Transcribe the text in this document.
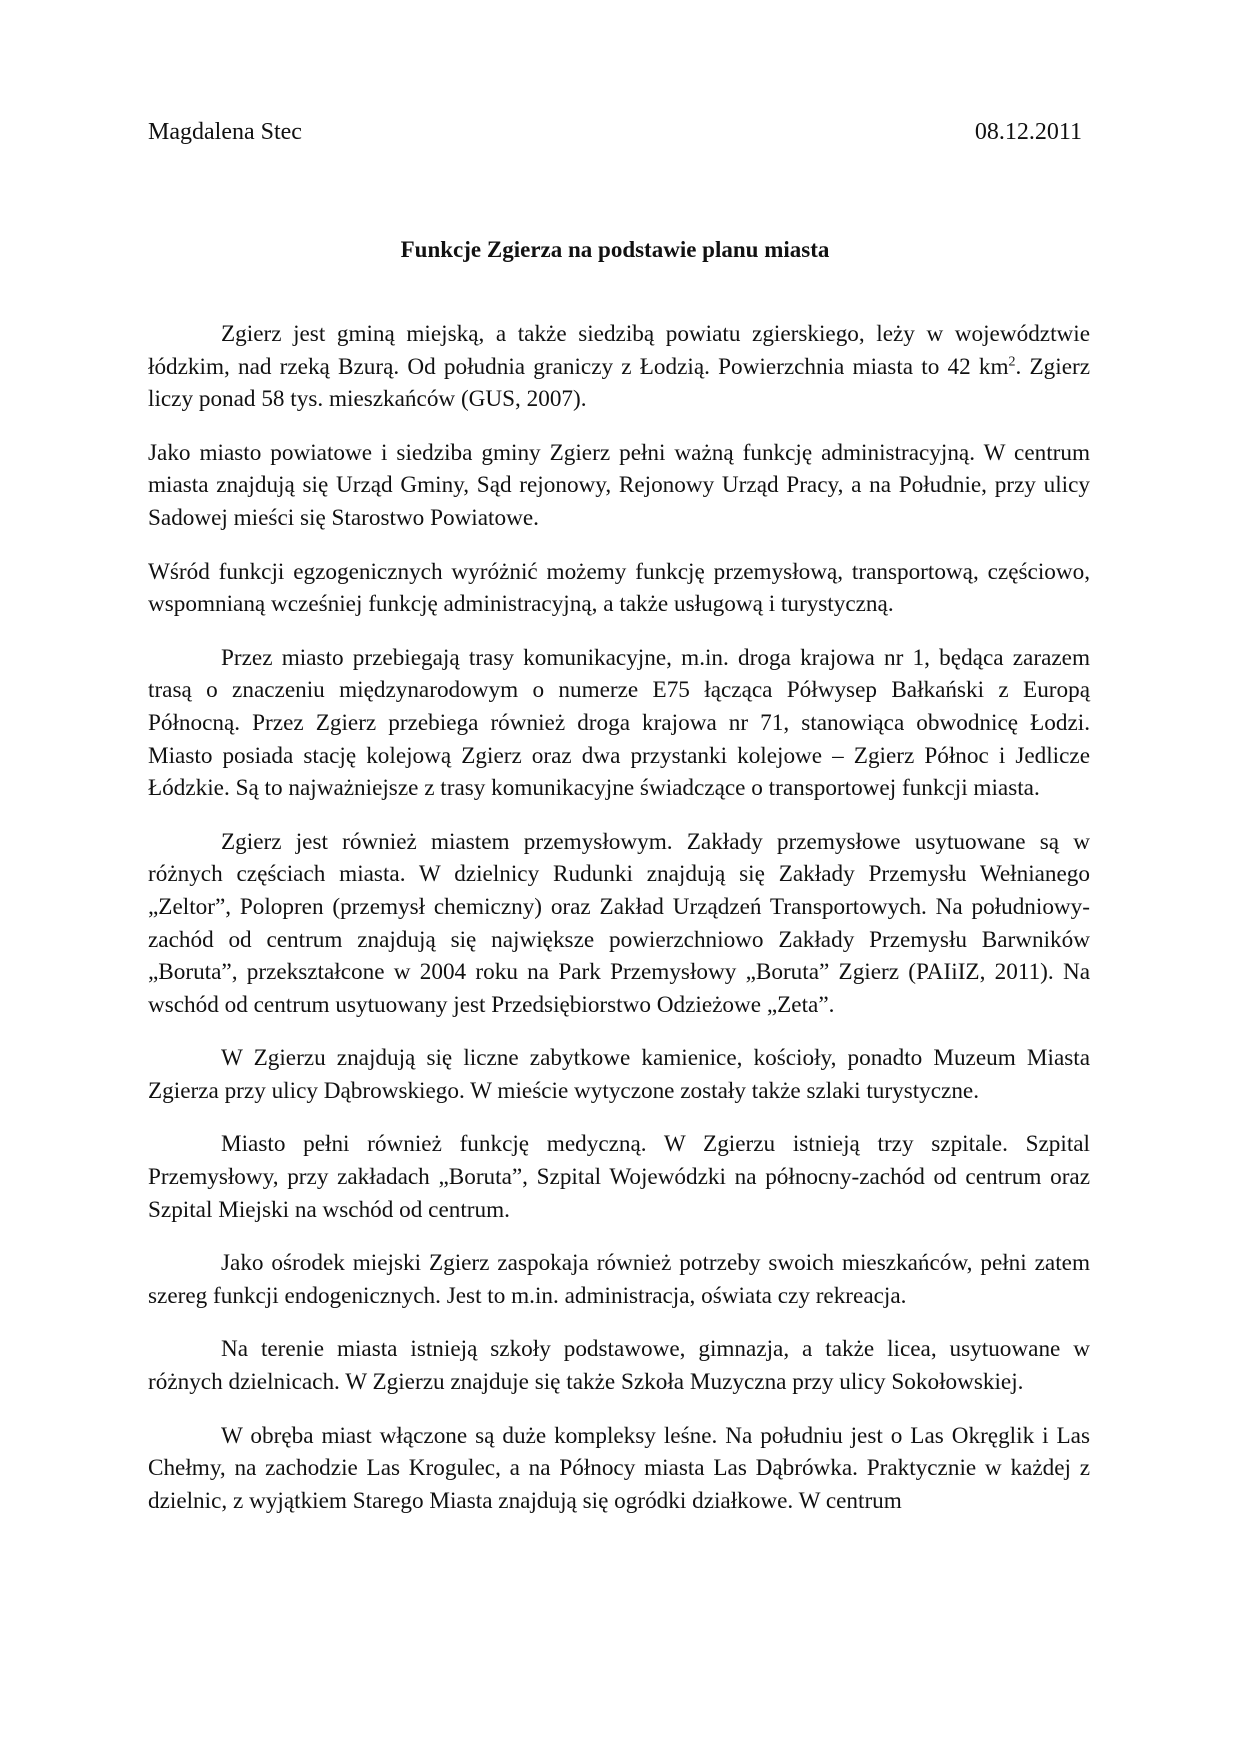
Magdalena Stec	08.12.2011
Funkcje Zgierza na podstawie planu miasta

Zgierz jest gminą miejską, a także siedzibą powiatu zgierskiego, leży w województwie łódzkim, nad rzeką Bzurą. Od południa graniczy z Łodzią. Powierzchnia miasta to 42 $km^2$. Zgierz liczy ponad 58 tys. mieszkańców (GUS, 2007).

Jako miasto powiatowe i siedziba gminy Zgierz pełni ważną funkcję administracyjną. W centrum miasta znajdują się Urząd Gminy, Sąd rejonowy, Rejonowy Urząd Pracy, a na Południe, przy ulicy Sadowej mieści się Starostwo Powiatowe.

Wśród funkcji egzogenicznych wyróżnić możemy funkcję przemysłową, transportową, częściowo, wspomnianą wcześniej funkcję administracyjną, a także usługową i turystyczną.

Przez miasto przebiegają trasy komunikacyjne, m.in. droga krajowa nr 1, będąca zarazem trasą o znaczeniu międzynarodowym o numerze E75 łącząca Półwysep Bałkański z Europą Północną. Przez Zgierz przebiega również droga krajowa nr 71, stanowiąca obwodnicę Łodzi. Miasto posiada stację kolejową Zgierz oraz dwa przystanki kolejowe – Zgierz Północ i Jedlicze Łódzkie. Są to najważniejsze z trasy komunikacyjne świadczące o transportowej funkcji miasta.

Zgierz jest również miastem przemysłowym. Zakłady przemysłowe usytuowane są w różnych częściach miasta. W dzielnicy Rudunki znajdują się Zakłady Przemysłu Wełnianego „Zeltor”, Polopren (przemysł chemiczny) oraz Zakład Urządzeń Transportowych. Na południowy-zachód od centrum znajdują się największe powierzchniowo Zakłady Przemysłu Barwników „Boruta”, przekształcone w 2004 roku na Park Przemysłowy „Boruta” Zgierz (PAIiIZ, 2011). Na wschód od centrum usytuowany jest Przedsiębiorstwo Odzieżowe „Zeta”.

W Zgierzu znajdują się liczne zabytkowe kamienice, kościoły, ponadto Muzeum Miasta Zgierza przy ulicy Dąbrowskiego. W mieście wytyczone zostały także szlaki turystyczne.

Miasto pełni również funkcję medyczną. W Zgierzu istnieją trzy szpitale. Szpital Przemysłowy, przy zakładach „Boruta”, Szpital Wojewódzki na północny-zachód od centrum oraz Szpital Miejski na wschód od centrum.

Jako ośrodek miejski Zgierz zaspokaja również potrzeby swoich mieszkańców, pełni zatem szereg funkcji endogenicznych. Jest to m.in. administracja, oświata czy rekreacja.

Na terenie miasta istnieją szkoły podstawowe, gimnazja, a także licea, usytuowane w różnych dzielnicach. W Zgierzu znajduje się także Szkoła Muzyczna przy ulicy Sokołowskiej.

W obręba miast włączone są duże kompleksy leśne. Na południu jest o Las Okręglik i Las Chełmy, na zachodzie Las Krogulec, a na Północy miasta Las Dąbrówka. Praktycznie w każdej z dzielnic, z wyjątkiem Starego Miasta znajdują się ogródki działkowe. W centrum
